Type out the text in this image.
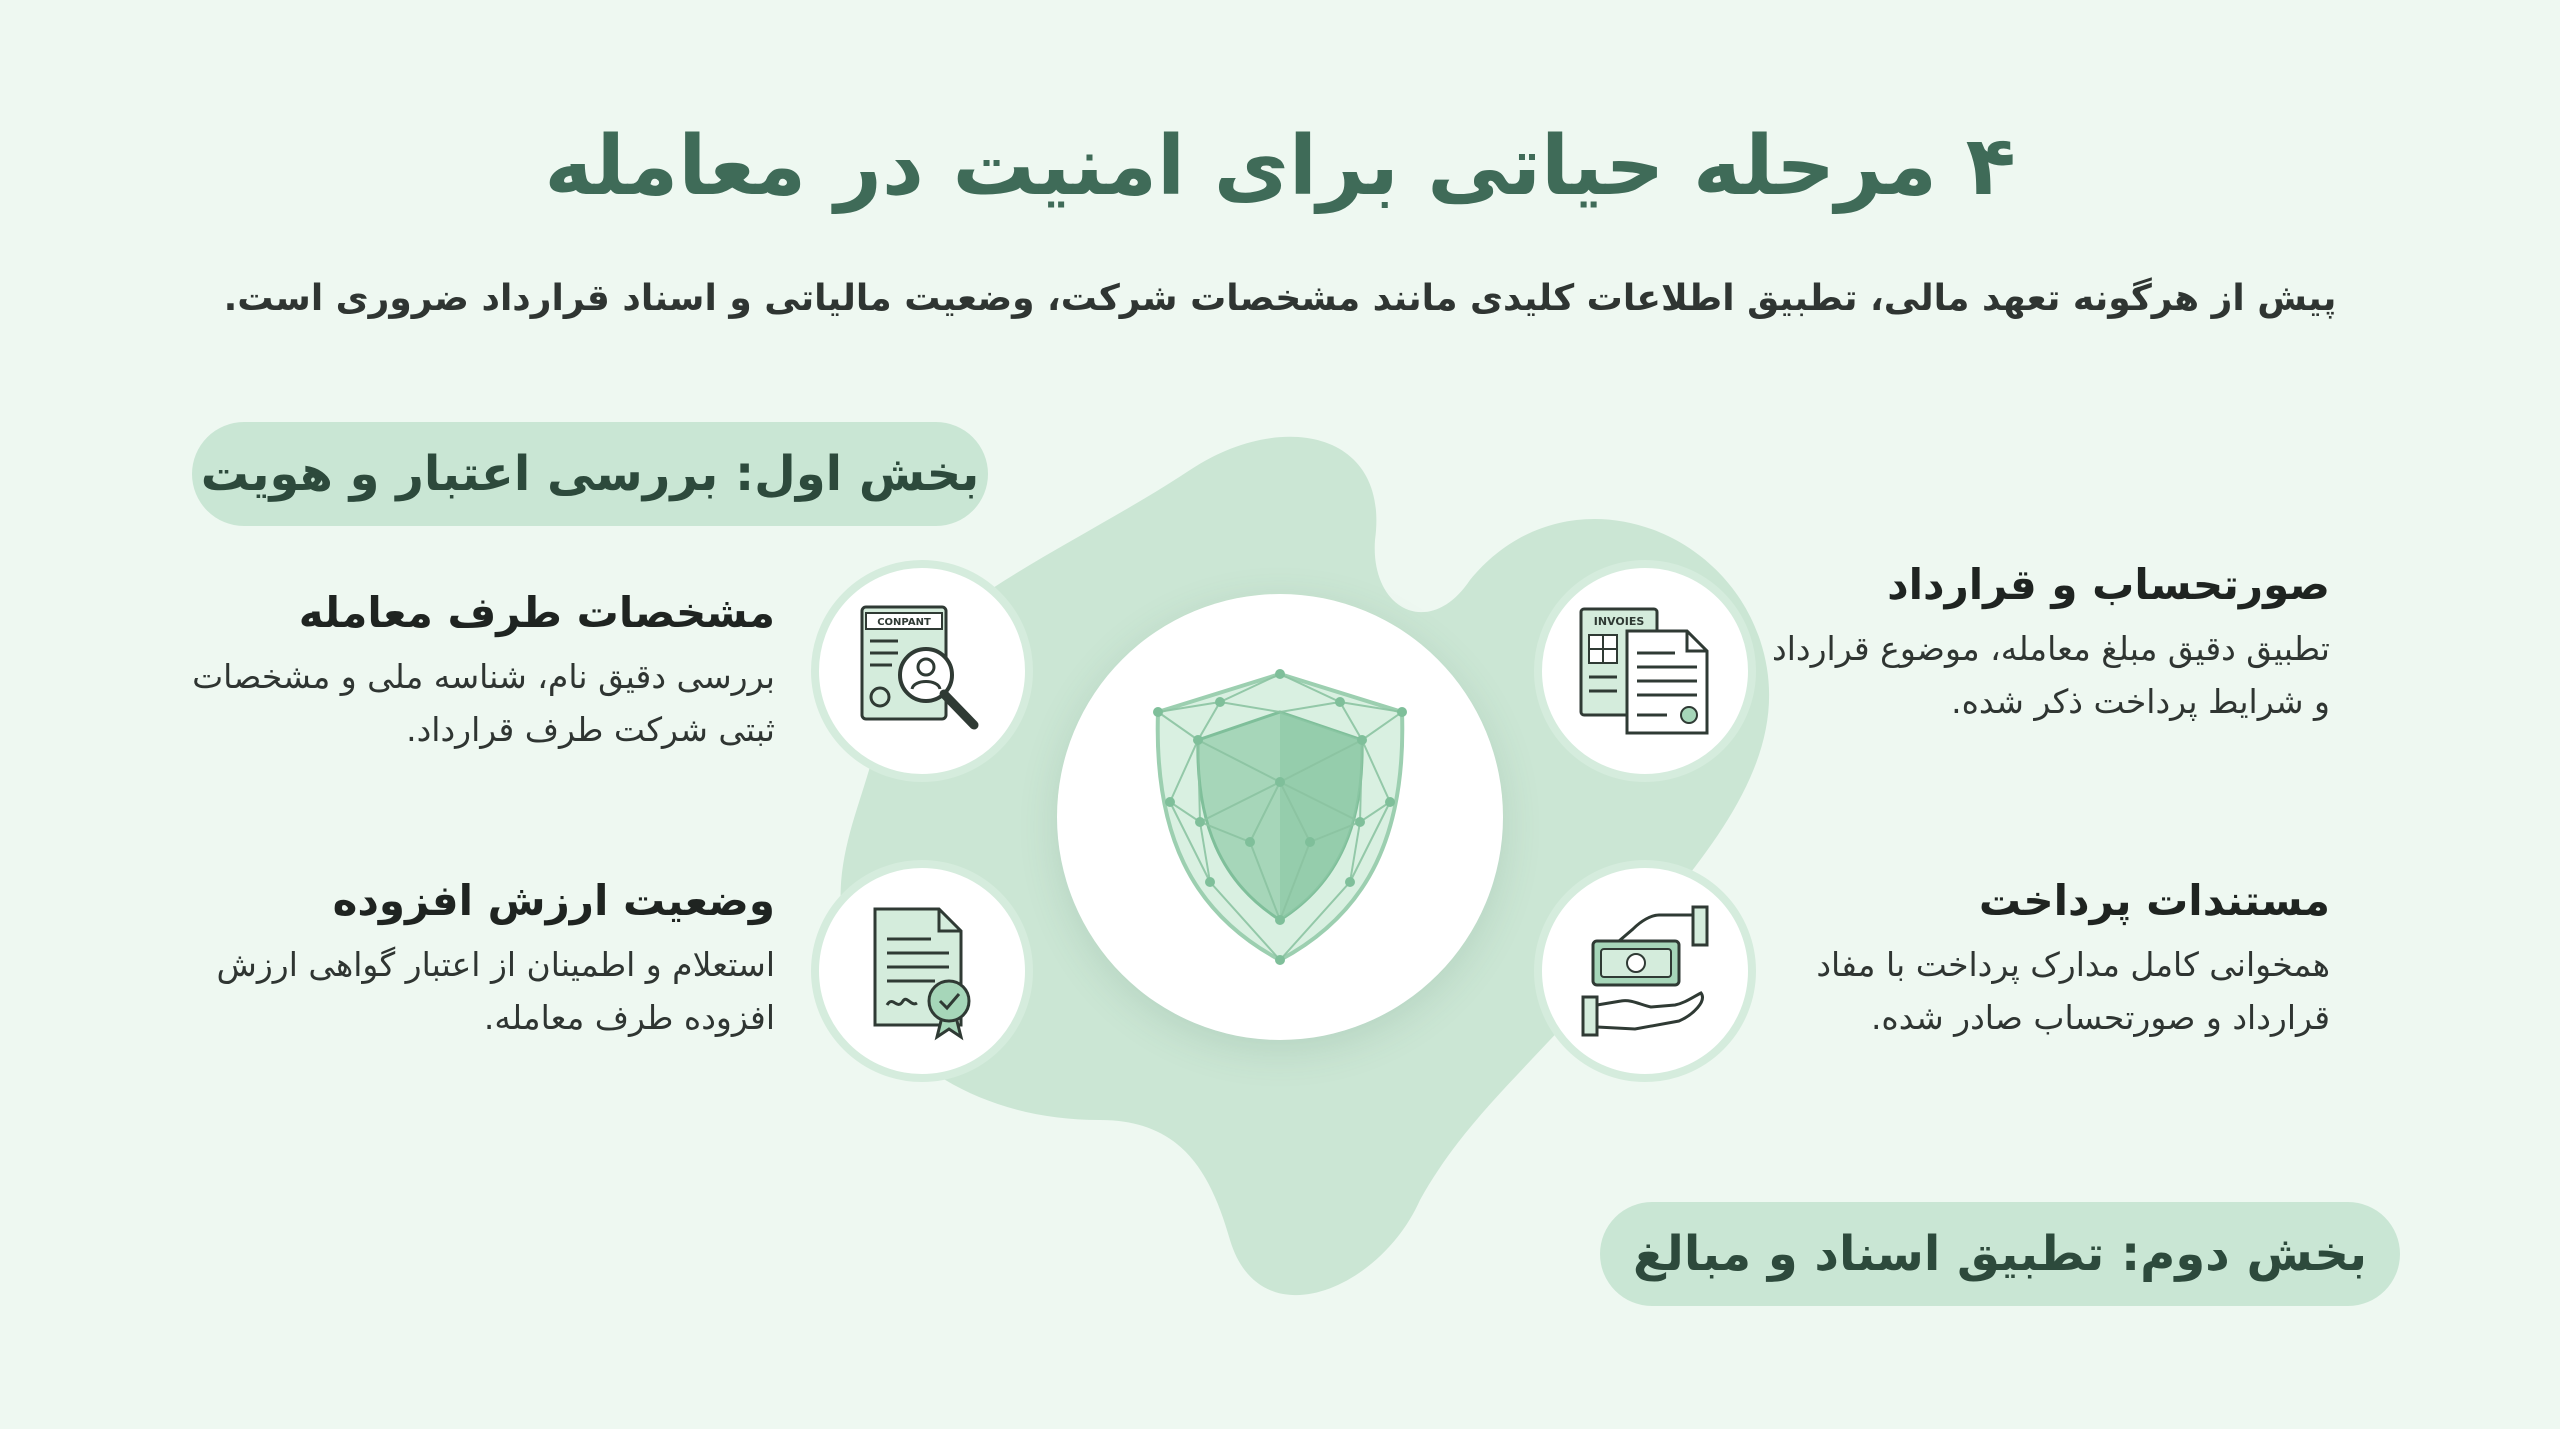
۴ مرحله حیاتی برای امنیت در معامله

پیش از هرگونه تعهد مالی، تطبیق اطلاعات کلیدی مانند مشخصات شرکت، وضعیت مالیاتی و اسناد قرارداد ضروری است.

بخش اول: بررسی اعتبار و هویت
بخش دوم: تطبیق اسناد و مبالغ
CONPANT	INVOIES
مشخصات طرف معامله

بررسی دقیق نام، شناسه ملی و مشخصات ثبتی شرکت طرف قرارداد.

وضعیت ارزش افزوده

استعلام و اطمینان از اعتبار گواهی ارزش افزوده طرف معامله.

صورتحساب و قرارداد

تطبیق دقیق مبلغ معامله، موضوع قرارداد و شرایط پرداخت ذکر شده.

مستندات پرداخت

همخوانی کامل مدارک پرداخت با مفاد قرارداد و صورتحساب صادر شده.
